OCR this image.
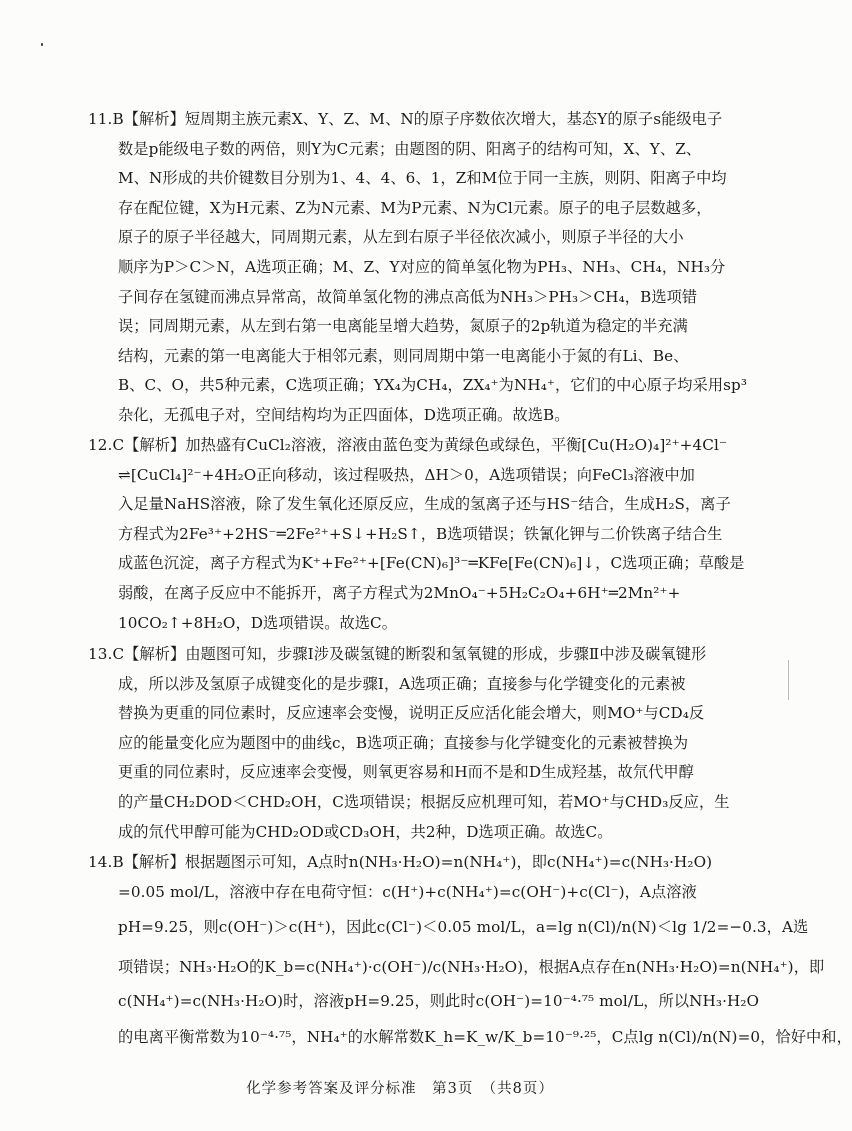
11.B【解析】短周期主族元素X、Y、Z、M、N的原子序数依次增大，基态Y的原子s能级电子
数是p能级电子数的两倍，则Y为C元素；由题图的阴、阳离子的结构可知，X、Y、Z、
M、N形成的共价键数目分别为1、4、4、6、1，Z和M位于同一主族，则阴、阳离子中均
存在配位键，X为H元素、Z为N元素、M为P元素、N为Cl元素。原子的电子层数越多，
原子的原子半径越大，同周期元素，从左到右原子半径依次减小，则原子半径的大小
顺序为P＞C＞N，A选项正确；M、Z、Y对应的简单氢化物为PH₃、NH₃、CH₄，NH₃分
子间存在氢键而沸点异常高，故简单氢化物的沸点高低为NH₃＞PH₃＞CH₄，B选项错
误；同周期元素，从左到右第一电离能呈增大趋势，氮原子的2p轨道为稳定的半充满
结构，元素的第一电离能大于相邻元素，则同周期中第一电离能小于氮的有Li、Be、
B、C、O，共5种元素，C选项正确；YX₄为CH₄，ZX₄⁺为NH₄⁺，它们的中心原子均采用sp³
杂化，无孤电子对，空间结构均为正四面体，D选项正确。故选B。
12.C【解析】加热盛有CuCl₂溶液，溶液由蓝色变为黄绿色或绿色，平衡[Cu(H₂O)₄]²⁺+4Cl⁻
⇌[CuCl₄]²⁻+4H₂O正向移动，该过程吸热，ΔH＞0，A选项错误；向FeCl₃溶液中加
入足量NaHS溶液，除了发生氧化还原反应，生成的氢离子还与HS⁻结合，生成H₂S，离子
方程式为2Fe³⁺+2HS⁻═2Fe²⁺+S↓+H₂S↑，B选项错误；铁氰化钾与二价铁离子结合生
成蓝色沉淀，离子方程式为K⁺+Fe²⁺+[Fe(CN)₆]³⁻═KFe[Fe(CN)₆]↓，C选项正确；草酸是
弱酸，在离子反应中不能拆开，离子方程式为2MnO₄⁻+5H₂C₂O₄+6H⁺═2Mn²⁺+
10CO₂↑+8H₂O，D选项错误。故选C。
13.C【解析】由题图可知，步骤Ⅰ涉及碳氢键的断裂和氢氧键的形成，步骤Ⅱ中涉及碳氧键形
成，所以涉及氢原子成键变化的是步骤Ⅰ，A选项正确；直接参与化学键变化的元素被
替换为更重的同位素时，反应速率会变慢，说明正反应活化能会增大，则MO⁺与CD₄反
应的能量变化应为题图中的曲线c，B选项正确；直接参与化学键变化的元素被替换为
更重的同位素时，反应速率会变慢，则氧更容易和H而不是和D生成羟基，故氘代甲醇
的产量CH₂DOD＜CHD₂OH，C选项错误；根据反应机理可知，若MO⁺与CHD₃反应，生
成的氘代甲醇可能为CHD₂OD或CD₃OH，共2种，D选项正确。故选C。
14.B【解析】根据题图示可知，A点时n(NH₃·H₂O)=n(NH₄⁺)，即c(NH₄⁺)=c(NH₃·H₂O)
=0.05 mol/L，溶液中存在电荷守恒：c(H⁺)+c(NH₄⁺)=c(OH⁻)+c(Cl⁻)，A点溶液
pH=9.25，则c(OH⁻)＞c(H⁺)，因此c(Cl⁻)＜0.05 mol/L，a=lg n(Cl)/n(N)＜lg 1/2=−0.3，A选
项错误；NH₃·H₂O的K_b=c(NH₄⁺)·c(OH⁻)/c(NH₃·H₂O)，根据A点存在n(NH₃·H₂O)=n(NH₄⁺)，即
c(NH₄⁺)=c(NH₃·H₂O)时，溶液pH=9.25，则此时c(OH⁻)=10⁻⁴·⁷⁵ mol/L，所以NH₃·H₂O
的电离平衡常数为10⁻⁴·⁷⁵，NH₄⁺的水解常数K_h=K_w/K_b=10⁻⁹·²⁵，C点lg n(Cl)/n(N)=0，恰好中和，
化学参考答案及评分标准　第3页　（共8页）
